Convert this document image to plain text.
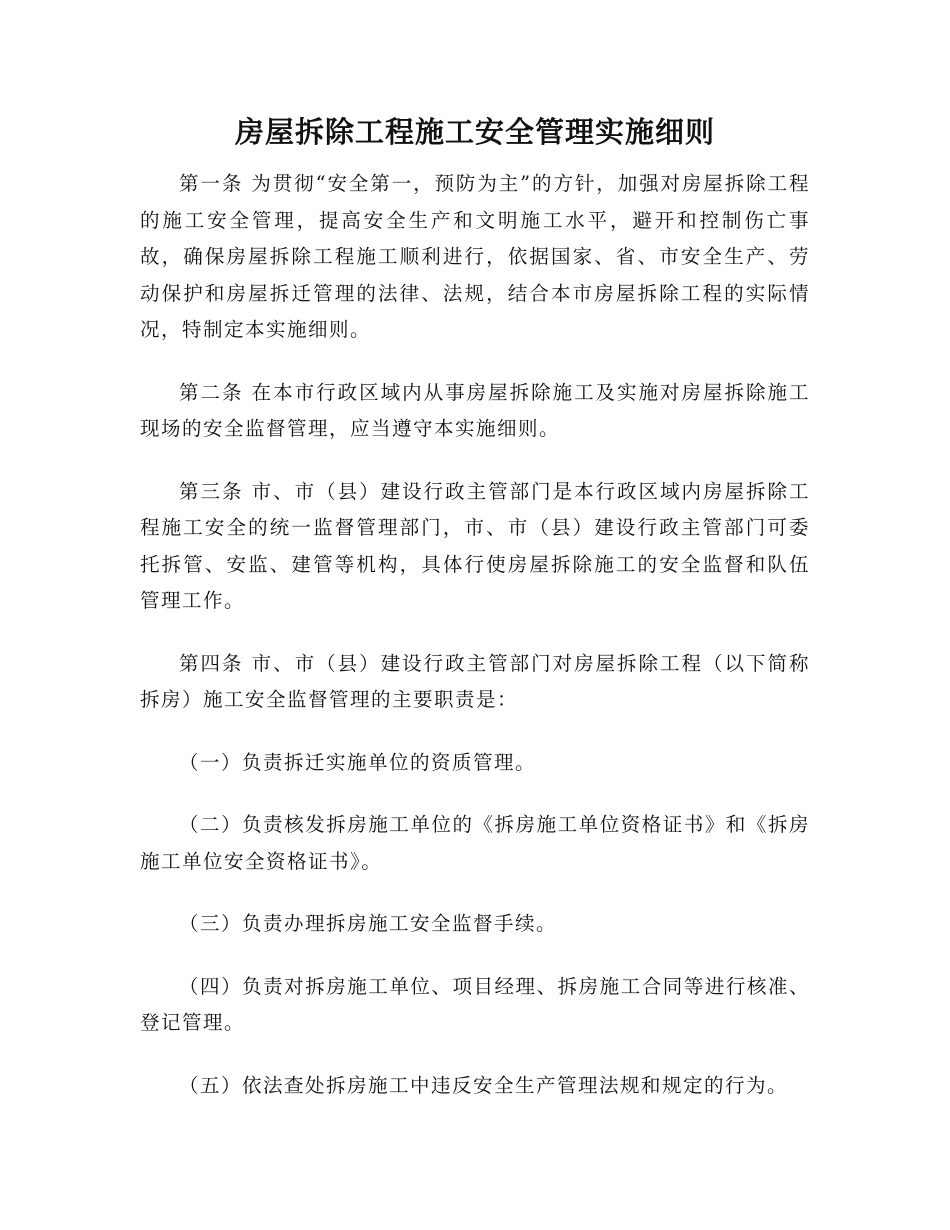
房屋拆除工程施工安全管理实施细则

第一条 为贯彻“安全第一，预防为主”的方针，加强对房屋拆除工程的施工安全管理，提高安全生产和文明施工水平，避开和控制伤亡事故，确保房屋拆除工程施工顺利进行，依据国家、省、市安全生产、劳动保护和房屋拆迁管理的法律、法规，结合本市房屋拆除工程的实际情况，特制定本实施细则。

第二条 在本市行政区域内从事房屋拆除施工及实施对房屋拆除施工现场的安全监督管理，应当遵守本实施细则。

第三条 市、市（县）建设行政主管部门是本行政区域内房屋拆除工程施工安全的统一监督管理部门，市、市（县）建设行政主管部门可委托拆管、安监、建管等机构，具体行使房屋拆除施工的安全监督和队伍管理工作。

第四条 市、市（县）建设行政主管部门对房屋拆除工程（以下简称拆房）施工安全监督管理的主要职责是：

（一）负责拆迁实施单位的资质管理。

（二）负责核发拆房施工单位的《拆房施工单位资格证书》和《拆房施工单位安全资格证书》。

（三）负责办理拆房施工安全监督手续。

（四）负责对拆房施工单位、项目经理、拆房施工合同等进行核准、登记管理。

（五）依法查处拆房施工中违反安全生产管理法规和规定的行为。
